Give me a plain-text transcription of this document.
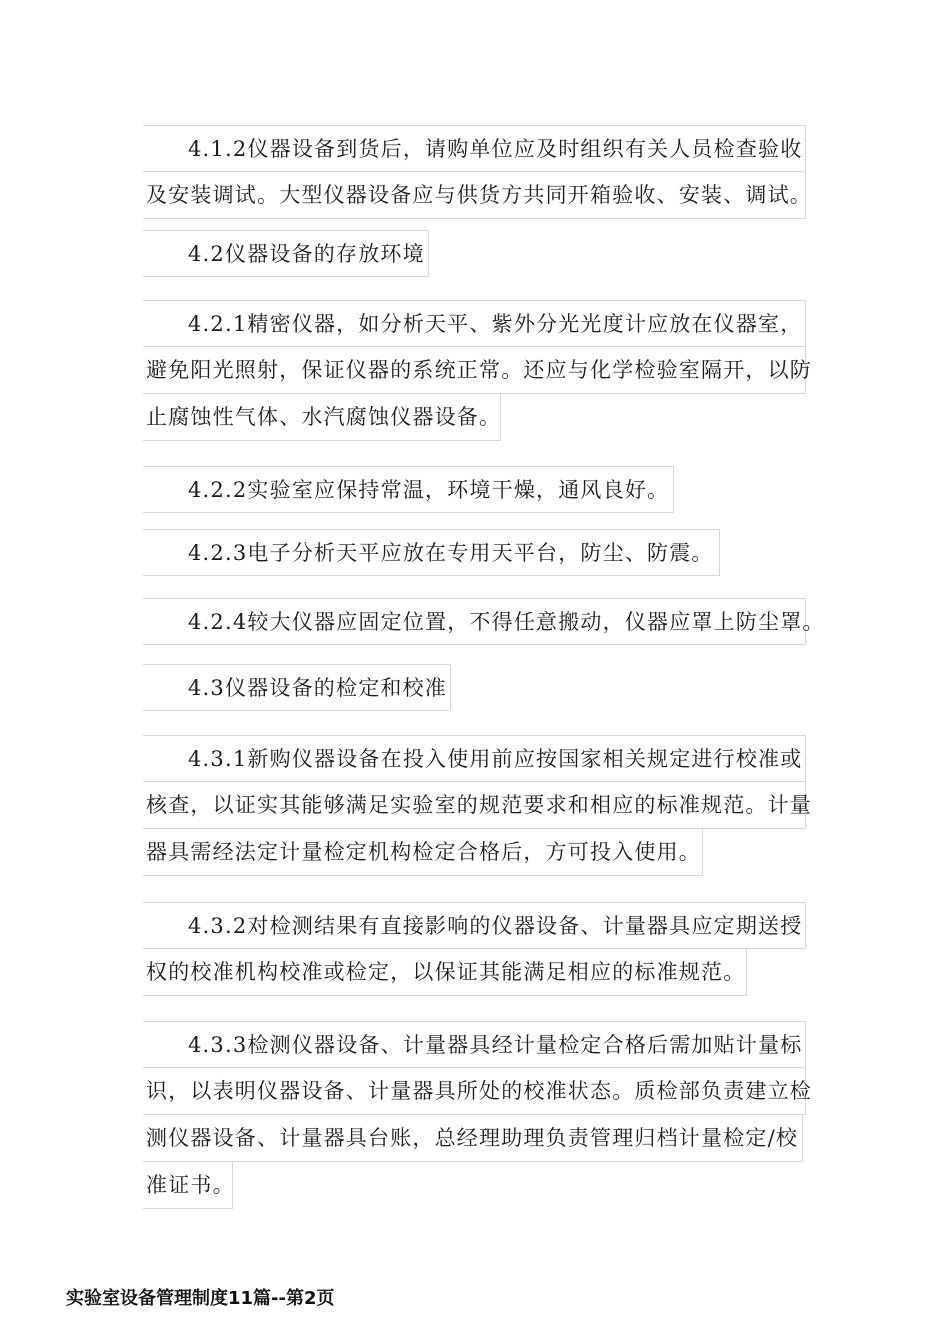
4.1.2仪器设备到货后，请购单位应及时组织有关人员检查验收
及安装调试。大型仪器设备应与供货方共同开箱验收、安装、调试。
4.2仪器设备的存放环境
4.2.1精密仪器，如分析天平、紫外分光光度计应放在仪器室，
避免阳光照射，保证仪器的系统正常。还应与化学检验室隔开，以防
止腐蚀性气体、水汽腐蚀仪器设备。
4.2.2实验室应保持常温，环境干燥，通风良好。
4.2.3电子分析天平应放在专用天平台，防尘、防震。
4.2.4较大仪器应固定位置，不得任意搬动，仪器应罩上防尘罩。
4.3仪器设备的检定和校准
4.3.1新购仪器设备在投入使用前应按国家相关规定进行校准或
核查，以证实其能够满足实验室的规范要求和相应的标准规范。计量
器具需经法定计量检定机构检定合格后，方可投入使用。
4.3.2对检测结果有直接影响的仪器设备、计量器具应定期送授
权的校准机构校准或检定，以保证其能满足相应的标准规范。
4.3.3检测仪器设备、计量器具经计量检定合格后需加贴计量标
识，以表明仪器设备、计量器具所处的校准状态。质检部负责建立检
测仪器设备、计量器具台账，总经理助理负责管理归档计量检定/校
准证书。
实验室设备管理制度11篇--第2页
